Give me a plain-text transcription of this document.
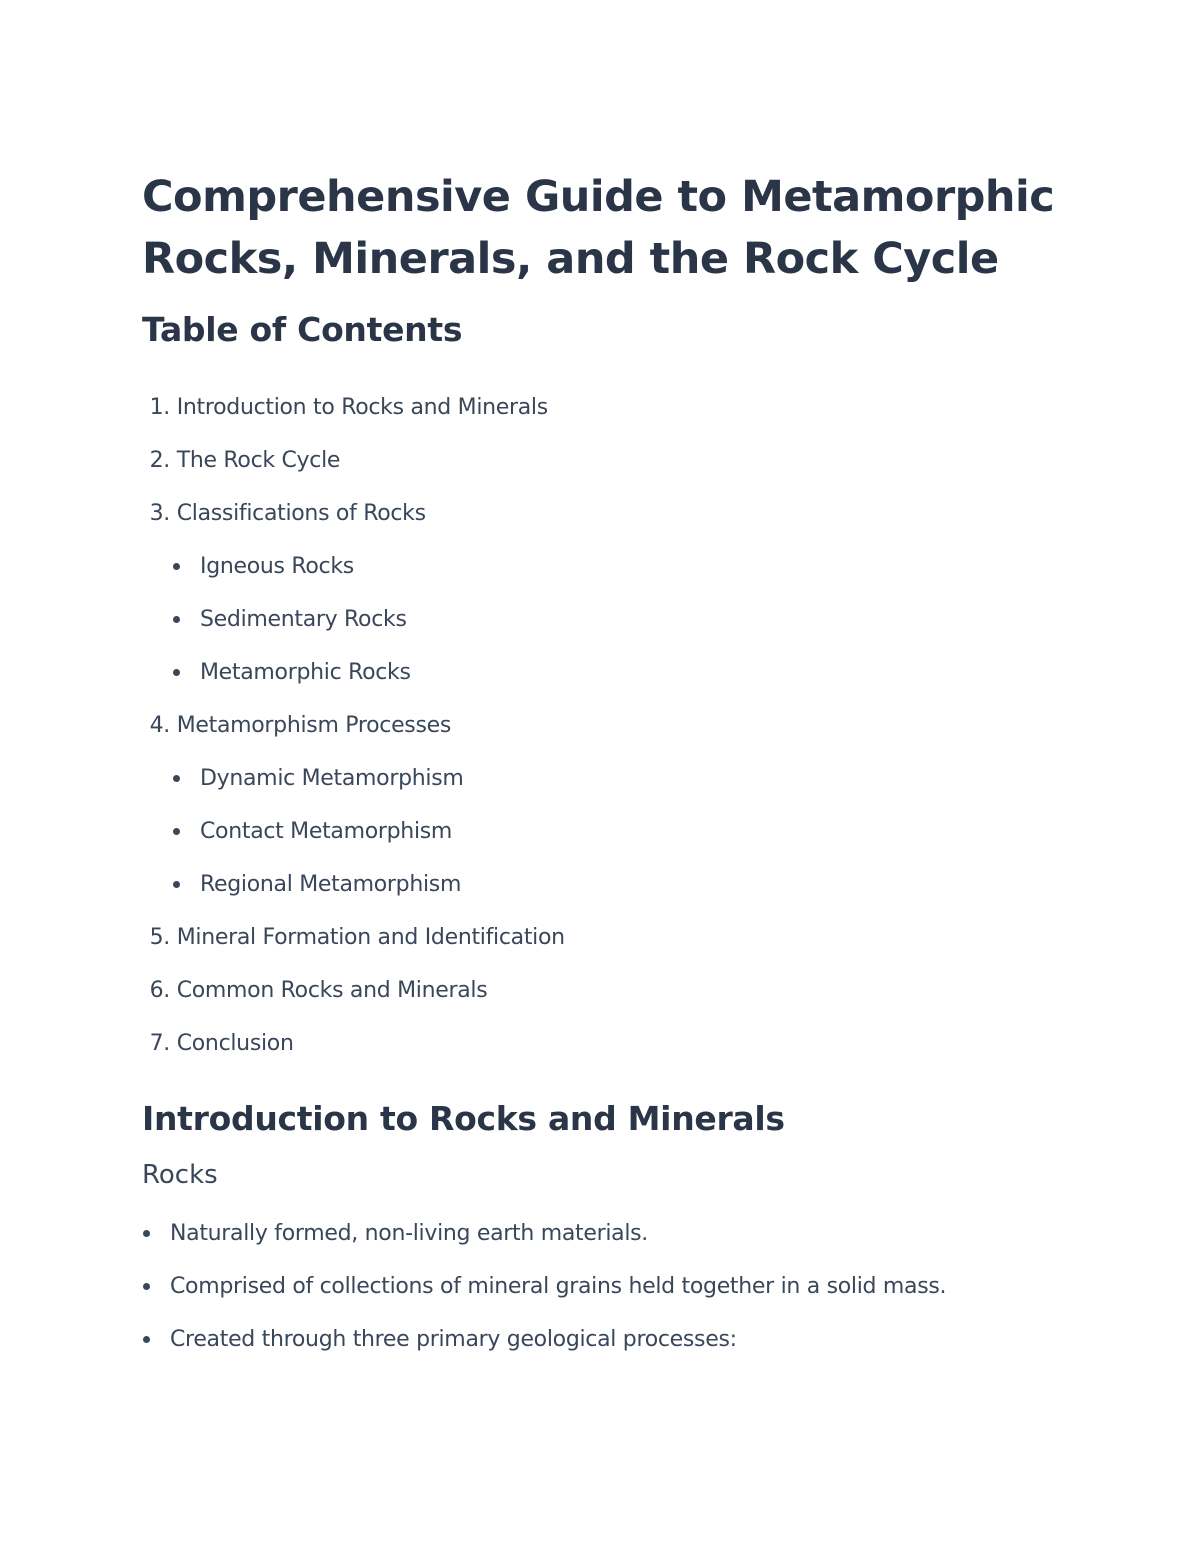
Comprehensive Guide to Metamorphic Rocks, Minerals, and the Rock Cycle
Table of Contents
1. Introduction to Rocks and Minerals
2. The Rock Cycle
3. Classifications of Rocks
Igneous Rocks
Sedimentary Rocks
Metamorphic Rocks
4. Metamorphism Processes
Dynamic Metamorphism
Contact Metamorphism
Regional Metamorphism
5. Mineral Formation and Identification
6. Common Rocks and Minerals
7. Conclusion
Introduction to Rocks and Minerals
Rocks
Naturally formed, non-living earth materials.
Comprised of collections of mineral grains held together in a solid mass.
Created through three primary geological processes:
